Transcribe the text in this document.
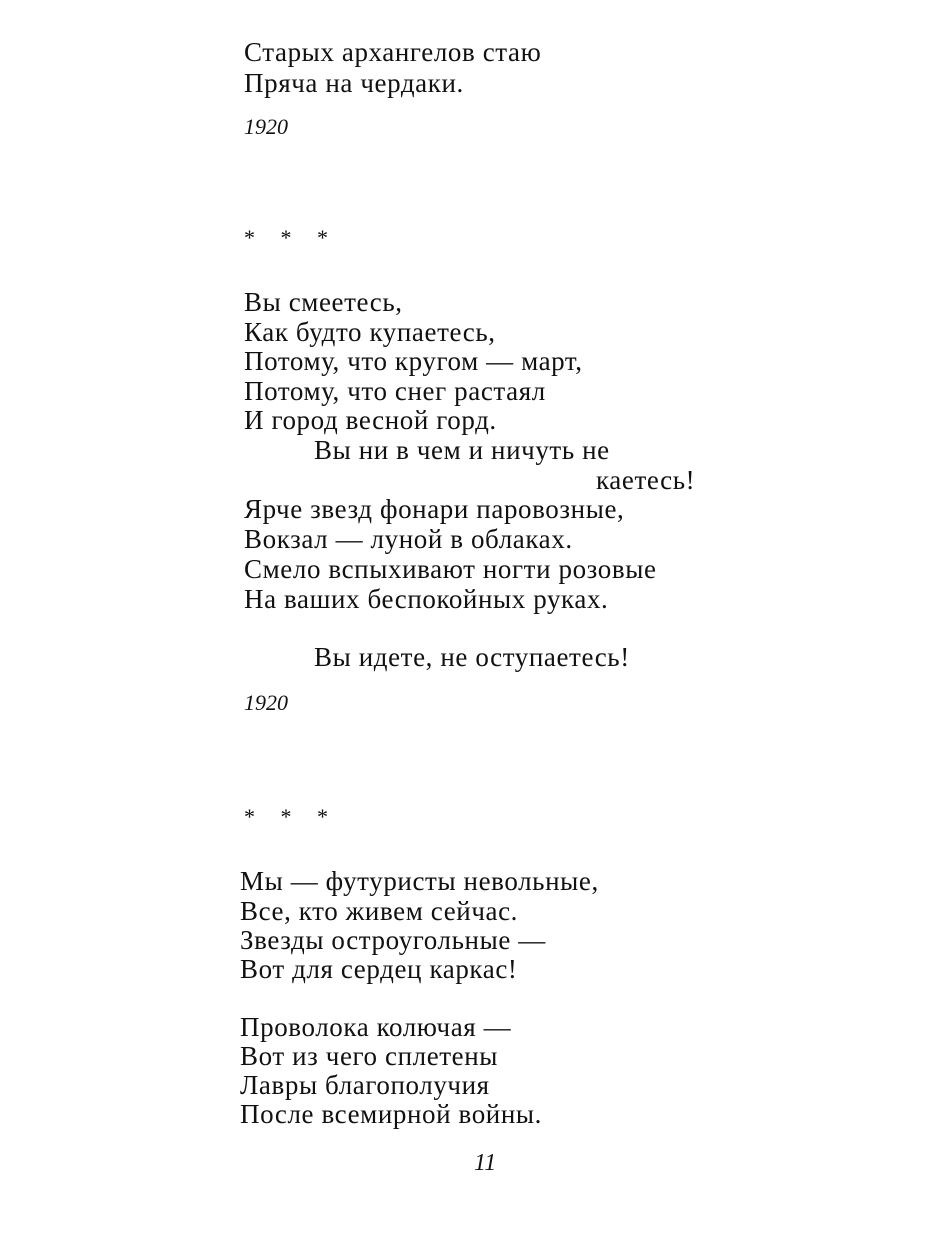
Старых архангелов стаю
Пряча на чердаки.
1920
* * *
Вы смеетесь,
Как будто купаетесь,
Потому, что кругом — март,
Потому, что снег растаял
И город весной горд.
Вы ни в чем и ничуть не
каетесь!
Ярче звезд фонари паровозные,
Вокзал — луной в облаках.
Смело вспыхивают ногти розовые
На ваших беспокойных руках.
Вы идете, не оступаетесь!
1920
* * *
Мы — футуристы невольные,
Все, кто живем сейчас.
Звезды остроугольные —
Вот для сердец каркас!
Проволока колючая —
Вот из чего сплетены
Лавры благополучия
После всемирной войны.
11
